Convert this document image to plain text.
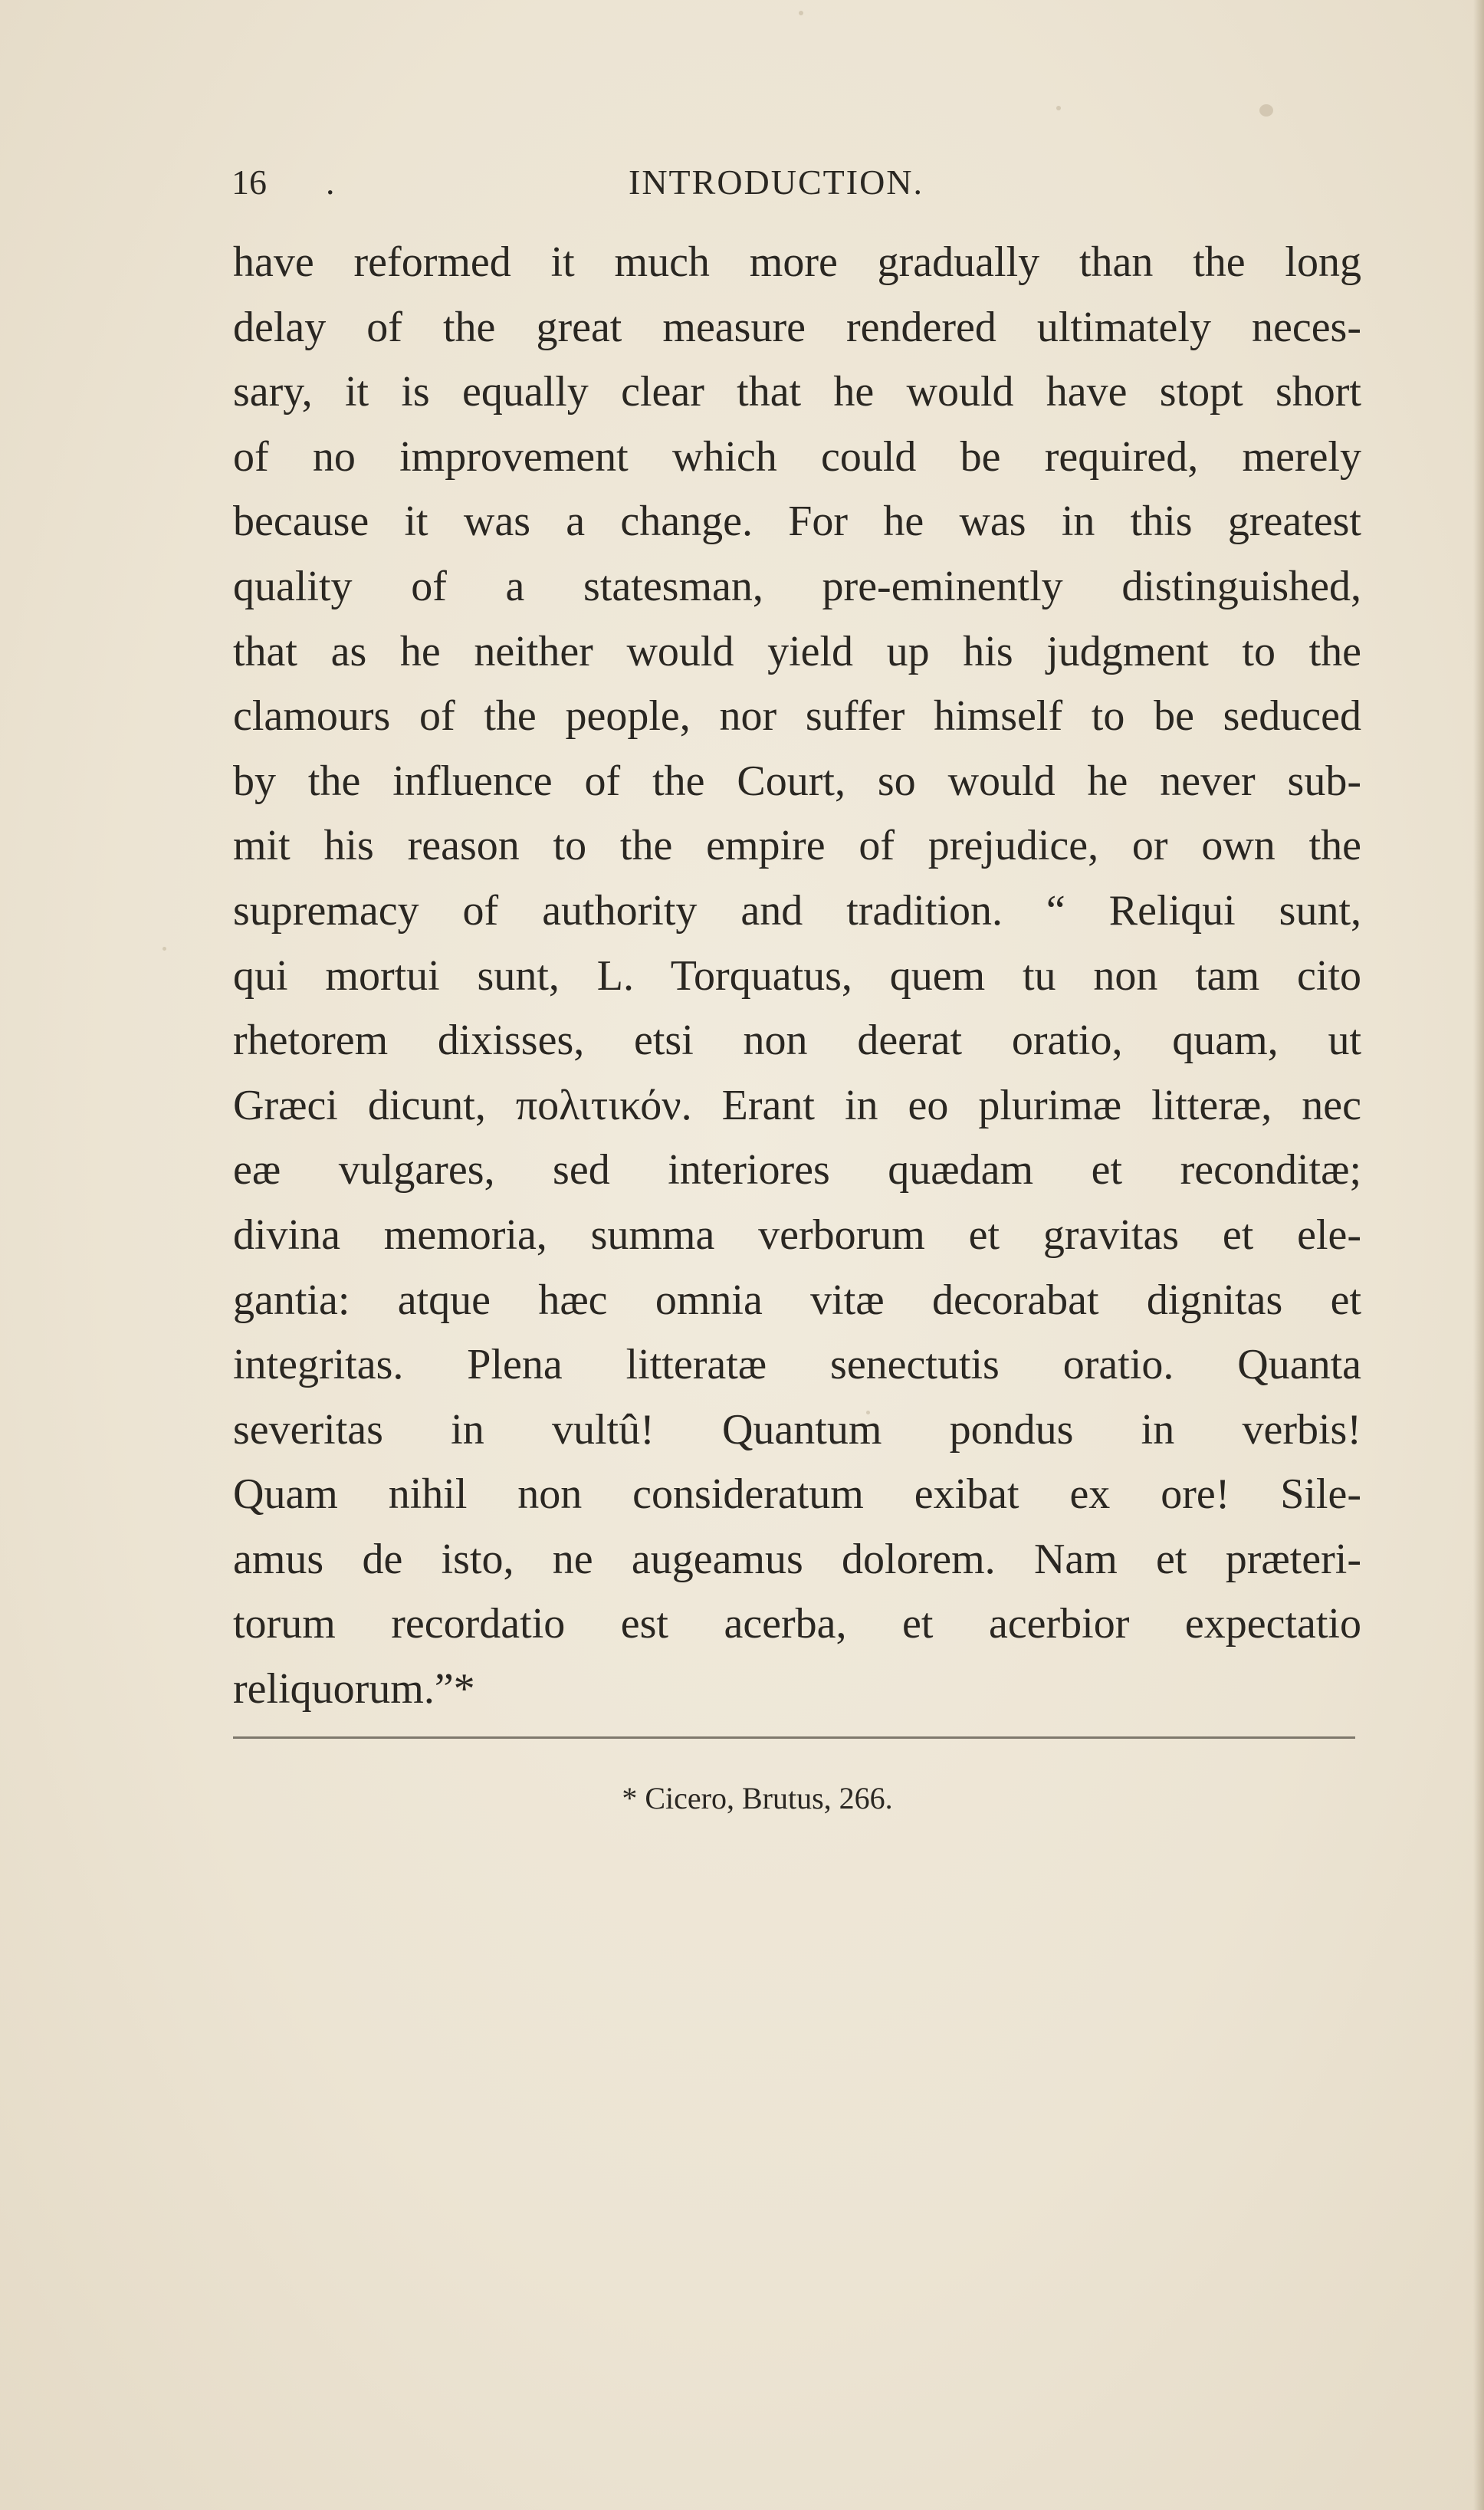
16 .	INTRODUCTION.
have reformed it much more gradually than the long
delay of the great measure rendered ultimately neces-
sary, it is equally clear that he would have stopt short
of no improvement which could be required, merely
because it was a change. For he was in this greatest
quality of a statesman, pre-eminently distinguished,
that as he neither would yield up his judgment to the
clamours of the people, nor suffer himself to be seduced
by the influence of the Court, so would he never sub-
mit his reason to the empire of prejudice, or own the
supremacy of authority and tradition. “ Reliqui sunt,
qui mortui sunt, L. Torquatus, quem tu non tam cito
rhetorem dixisses, etsi non deerat oratio, quam, ut
Græci dicunt, πολιτικόν. Erant in eo plurimæ litteræ, nec
eæ vulgares, sed interiores quædam et reconditæ;
divina memoria, summa verborum et gravitas et ele-
gantia: atque hæc omnia vitæ decorabat dignitas et
integritas. Plena litteratæ senectutis oratio. Quanta
severitas in vultû! Quantum pondus in verbis!
Quam nihil non consideratum exibat ex ore! Sile-
amus de isto, ne augeamus dolorem. Nam et præteri-
torum recordatio est acerba, et acerbior expectatio
reliquorum.”*
* Cicero, Brutus, 266.
